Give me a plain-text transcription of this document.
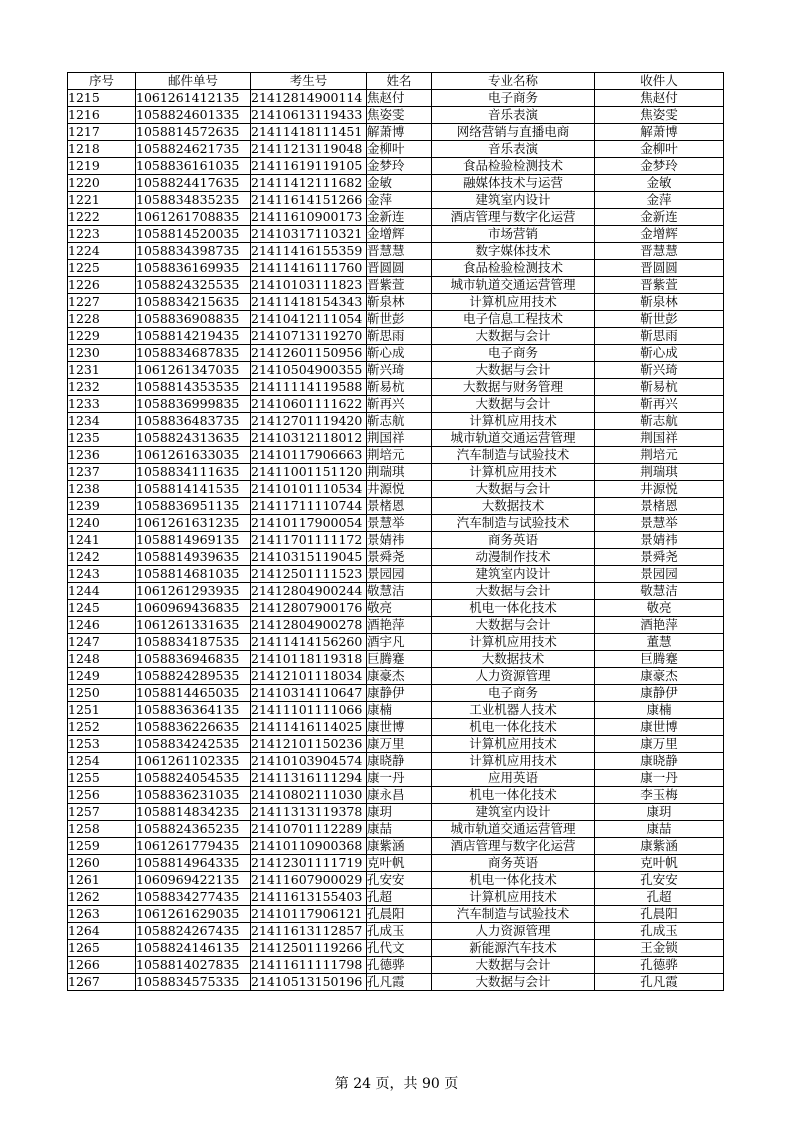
序号	邮件单号	考生号	姓名	专业名称	收件人
1215	1061261412135	21412814900114	焦赵付	电子商务	焦赵付
1216	1058824601335	21410613119433	焦姿雯	音乐表演	焦姿雯
1217	1058814572635	21411418111451	解萧博	网络营销与直播电商	解萧博
1218	1058824621735	21411213119048	金柳叶	音乐表演	金柳叶
1219	1058836161035	21411619119105	金梦玲	食品检验检测技术	金梦玲
1220	1058824417635	21411412111682	金敏	融媒体技术与运营	金敏
1221	1058834835235	21411614151266	金萍	建筑室内设计	金萍
1222	1061261708835	21411610900173	金新连	酒店管理与数字化运营	金新连
1223	1058814520035	21410317110321	金增辉	市场营销	金增辉
1224	1058834398735	21411416155359	晋慧慧	数字媒体技术	晋慧慧
1225	1058836169935	21411416111760	晋圆圆	食品检验检测技术	晋圆圆
1226	1058824325535	21410103111823	晋紫萱	城市轨道交通运营管理	晋紫萱
1227	1058834215635	21411418154343	靳泉林	计算机应用技术	靳泉林
1228	1058836908835	21410412111054	靳世彭	电子信息工程技术	靳世彭
1229	1058814219435	21410713119270	靳思雨	大数据与会计	靳思雨
1230	1058834687835	21412601150956	靳心成	电子商务	靳心成
1231	1061261347035	21410504900355	靳兴琦	大数据与会计	靳兴琦
1232	1058814353535	21411114119588	靳易杭	大数据与财务管理	靳易杭
1233	1058836999835	21410601111622	靳再兴	大数据与会计	靳再兴
1234	1058836483735	21412701119420	靳志航	计算机应用技术	靳志航
1235	1058824313635	21410312118012	荆国祥	城市轨道交通运营管理	荆国祥
1236	1061261633035	21410117906663	荆培元	汽车制造与试验技术	荆培元
1237	1058834111635	21411001151120	荆瑞琪	计算机应用技术	荆瑞琪
1238	1058814141535	21410101110534	井源悦	大数据与会计	井源悦
1239	1058836951135	21411711110744	景楮恩	大数据技术	景楮恩
1240	1061261631235	21410117900054	景慧举	汽车制造与试验技术	景慧举
1241	1058814969135	21411701111172	景婧祎	商务英语	景婧祎
1242	1058814939635	21410315119045	景舜尧	动漫制作技术	景舜尧
1243	1058814681035	21412501111523	景园园	建筑室内设计	景园园
1244	1061261293935	21412804900244	敬慧洁	大数据与会计	敬慧洁
1245	1060969436835	21412807900176	敬亮	机电一体化技术	敬亮
1246	1061261331635	21412804900278	酒艳萍	大数据与会计	酒艳萍
1247	1058834187535	21411414156260	酒宇凡	计算机应用技术	董慧
1248	1058836946835	21410118119318	巨腾蹇	大数据技术	巨腾蹇
1249	1058824289535	21412101118034	康豪杰	人力资源管理	康豪杰
1250	1058814465035	21410314110647	康静伊	电子商务	康静伊
1251	1058836364135	21411101111066	康楠	工业机器人技术	康楠
1252	1058836226635	21411416114025	康世博	机电一体化技术	康世博
1253	1058834242535	21412101150236	康万里	计算机应用技术	康万里
1254	1061261102335	21410103904574	康晓静	计算机应用技术	康晓静
1255	1058824054535	21411316111294	康一丹	应用英语	康一丹
1256	1058836231035	21410802111030	康永昌	机电一体化技术	李玉梅
1257	1058814834235	21411313119378	康玥	建筑室内设计	康玥
1258	1058824365235	21410701112289	康喆	城市轨道交通运营管理	康喆
1259	1061261779435	21410110900368	康紫涵	酒店管理与数字化运营	康紫涵
1260	1058814964335	21412301111719	克叶帆	商务英语	克叶帆
1261	1060969422135	21411607900029	孔安安	机电一体化技术	孔安安
1262	1058834277435	21411613155403	孔超	计算机应用技术	孔超
1263	1061261629035	21410117906121	孔晨阳	汽车制造与试验技术	孔晨阳
1264	1058824267435	21411613112857	孔成玉	人力资源管理	孔成玉
1265	1058824146135	21412501119266	孔代文	新能源汽车技术	王金锁
1266	1058814027835	21411611111798	孔德骅	大数据与会计	孔德骅
1267	1058834575335	21410513150196	孔凡霞	大数据与会计	孔凡霞
第 24 页，共 90 页
